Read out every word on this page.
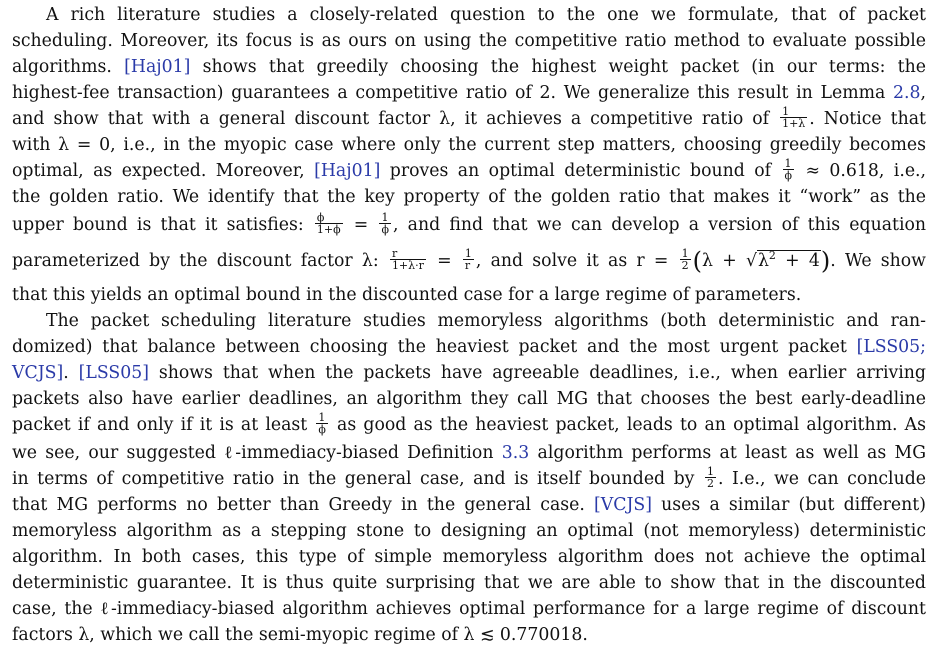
A rich literature studies a closely-related question to the one we formulate, that of packet
scheduling. Moreover, its focus is as ours on using the competitive ratio method to evaluate possible
algorithms. [Haj01] shows that greedily choosing the highest weight packet (in our terms: the
highest-fee transaction) guarantees a competitive ratio of 2. We generalize this result in Lemma 2.8,
and show that with a general discount factor λ, it achieves a competitive ratio of $\frac{1}{1+\lambda}$ . Notice that
with λ = 0, i.e., in the myopic case where only the current step matters, choosing greedily becomes
optimal, as expected. Moreover, [Haj01] proves an optimal deterministic bound of $\frac{1}{\phi} \approx 0.618$, i.e.,
the golden ratio. We identify that the key property of the golden ratio that makes it “work” as the
upper bound is that it satisfies: $\frac{\phi}{1+\phi} = \frac{1}{\phi}$ , and find that we can develop a version of this equation
parameterized by the discount factor λ: $\frac{r}{1+\lambda\cdot r} = \frac{1}{r}$ , and solve it as $r = \frac{1}{2} (\lambda + √\lambda^2 + 4)$. We show
that this yields an optimal bound in the discounted case for a large regime of parameters.
The packet scheduling literature studies memoryless algorithms (both deterministic and ran-
domized) that balance between choosing the heaviest packet and the most urgent packet [LSS05;
VCJS]. [LSS05] shows that when the packets have agreeable deadlines, i.e., when earlier arriving
packets also have earlier deadlines, an algorithm they call MG that chooses the best early-deadline
packet if and only if it is at least $\frac{1}{\phi}$ as good as the heaviest packet, leads to an optimal algorithm. As
we see, our suggested ℓ-immediacy-biased Definition 3.3 algorithm performs at least as well as MG
in terms of competitive ratio in the general case, and is itself bounded by $\frac{1}{2}$ . I.e., we can conclude
that MG performs no better than Greedy in the general case. [VCJS] uses a similar (but different)
memoryless algorithm as a stepping stone to designing an optimal (not memoryless) deterministic
algorithm. In both cases, this type of simple memoryless algorithm does not achieve the optimal
deterministic guarantee. It is thus quite surprising that we are able to show that in the discounted
case, the ℓ-immediacy-biased algorithm achieves optimal performance for a large regime of discount
factors λ, which we call the semi-myopic regime of λ ≲ 0.770018.
